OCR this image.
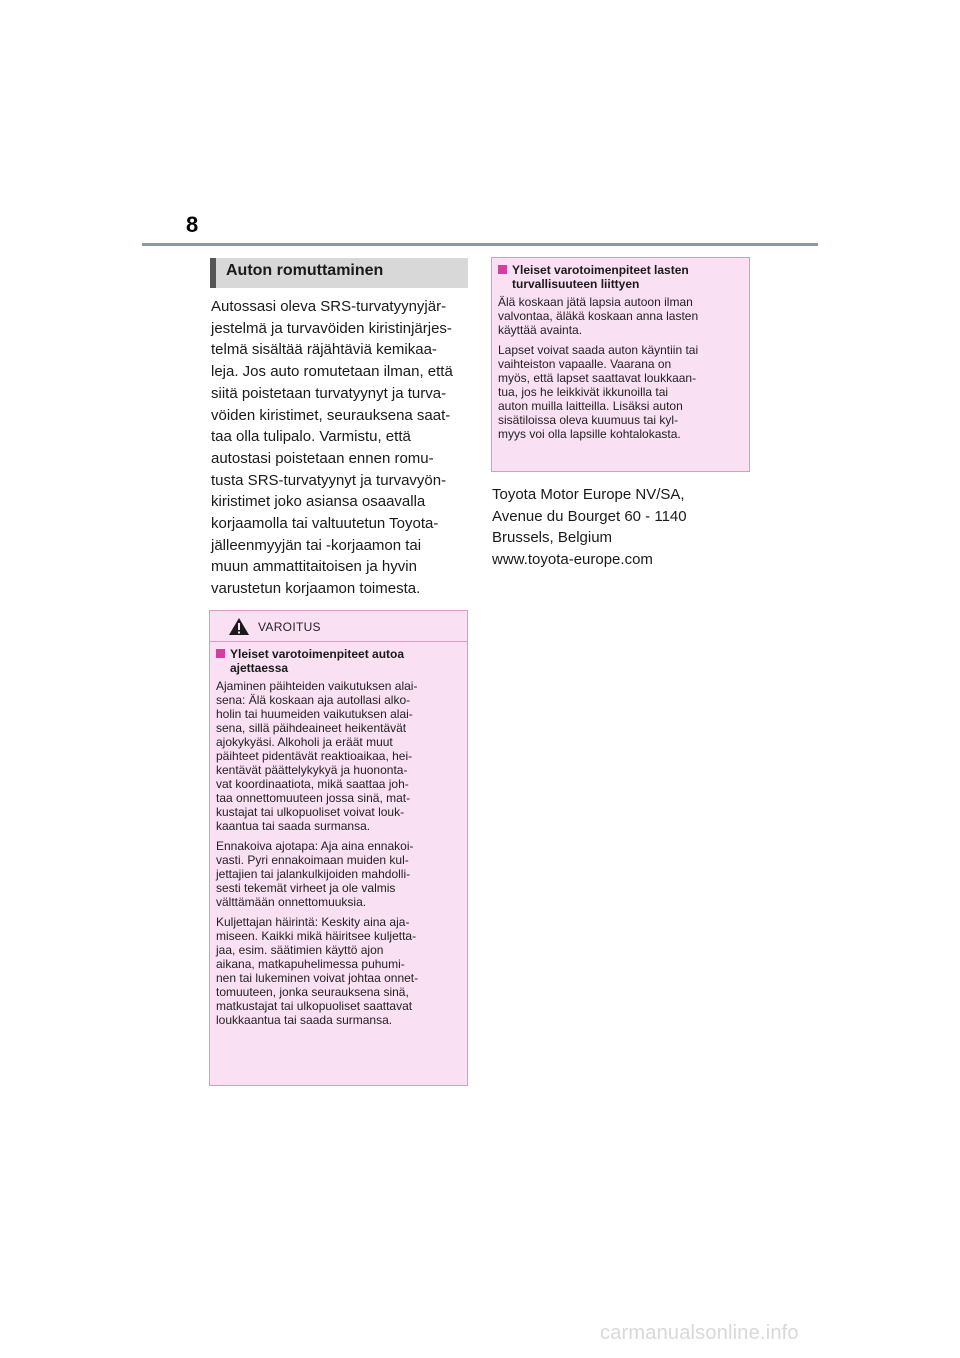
8
Auton romuttaminen
Autossasi oleva SRS-turvatyynyjär-
jestelmä ja turvavöiden kiristinjärjes-
telmä sisältää räjähtäviä kemikaa-
leja. Jos auto romutetaan ilman, että
siitä poistetaan turvatyynyt ja turva-
vöiden kiristimet, seurauksena saat-
taa olla tulipalo. Varmistu, että
autostasi poistetaan ennen romu-
tusta SRS-turvatyynyt ja turvavyön-
kiristimet joko asiansa osaavalla
korjaamolla tai valtuutetun Toyota-
jälleenmyyjän tai -korjaamon tai
muun ammattitaitoisen ja hyvin
varustetun korjaamon toimesta.
VAROITUS
Yleiset varotoimenpiteet autoa
ajettaessa
Ajaminen päihteiden vaikutuksen alai-
sena: Älä koskaan aja autollasi alko-
holin tai huumeiden vaikutuksen alai-
sena, sillä päihdeaineet heikentävät
ajokykyäsi. Alkoholi ja eräät muut
päihteet pidentävät reaktioaikaa, hei-
kentävät päättelykykyä ja huononta-
vat koordinaatiota, mikä saattaa joh-
taa onnettomuuteen jossa sinä, mat-
kustajat tai ulkopuoliset voivat louk-
kaantua tai saada surmansa.
Ennakoiva ajotapa: Aja aina ennakoi-
vasti. Pyri ennakoimaan muiden kul-
jettajien tai jalankulkijoiden mahdolli-
sesti tekemät virheet ja ole valmis
välttämään onnettomuuksia.
Kuljettajan häirintä: Keskity aina aja-
miseen. Kaikki mikä häiritsee kuljetta-
jaa, esim. säätimien käyttö ajon
aikana, matkapuhelimessa puhumi-
nen tai lukeminen voivat johtaa onnet-
tomuuteen, jonka seurauksena sinä,
matkustajat tai ulkopuoliset saattavat
loukkaantua tai saada surmansa.
Yleiset varotoimenpiteet lasten
turvallisuuteen liittyen
Älä koskaan jätä lapsia autoon ilman
valvontaa, äläkä koskaan anna lasten
käyttää avainta.
Lapset voivat saada auton käyntiin tai
vaihteiston vapaalle. Vaarana on
myös, että lapset saattavat loukkaan-
tua, jos he leikkivät ikkunoilla tai
auton muilla laitteilla. Lisäksi auton
sisätiloissa oleva kuumuus tai kyl-
myys voi olla lapsille kohtalokasta.
Toyota Motor Europe NV/SA,
Avenue du Bourget 60 - 1140
Brussels, Belgium
www.toyota-europe.com
carmanualsonline.info
